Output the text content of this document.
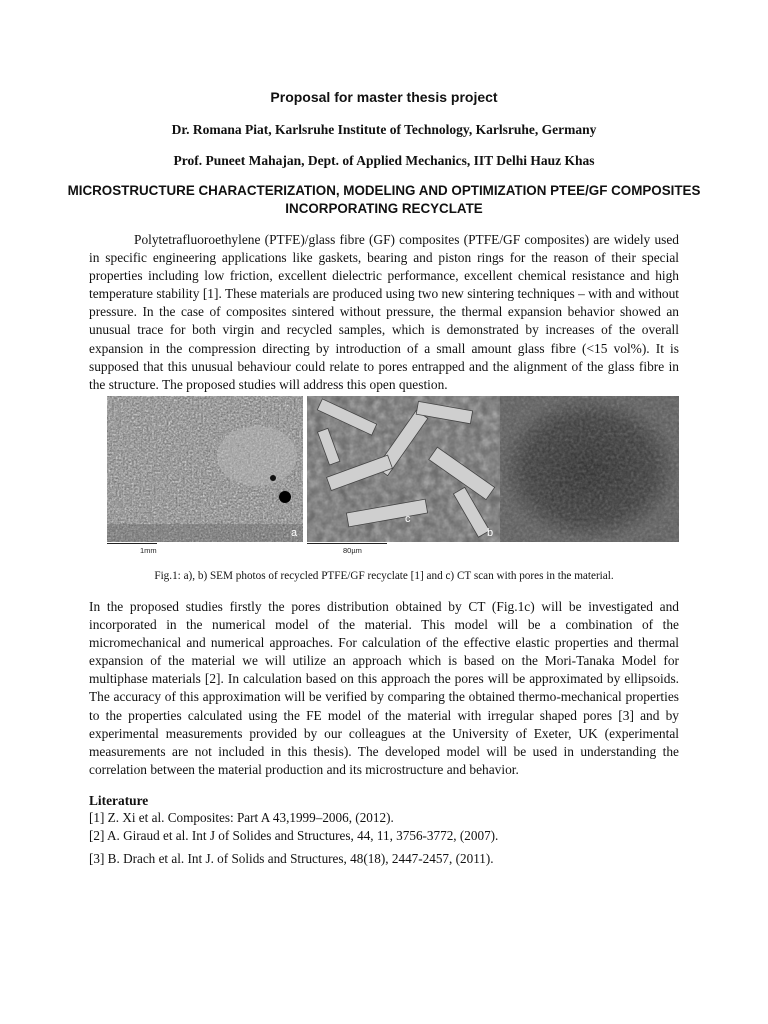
Proposal for master thesis project
Dr. Romana Piat, Karlsruhe Institute of Technology, Karlsruhe, Germany
Prof. Puneet Mahajan, Dept. of Applied Mechanics, IIT Delhi Hauz Khas
MICROSTRUCTURE CHARACTERIZATION, MODELING AND OPTIMIZATION PTEE/GF COMPOSITES INCORPORATING RECYCLATE

Polytetrafluoroethylene (PTFE)/glass fibre (GF) composites (PTFE/GF composites) are widely used in specific engineering applications like gaskets, bearing and piston rings for the reason of their special properties including low friction, excellent dielectric performance, excellent chemical resistance and high temperature stability [1]. These materials are produced using two new sintering techniques – with and without pressure. In the case of composites sintered without pressure, the thermal expansion behavior showed an unusual trace for both virgin and recycled samples, which is demonstrated by increases of the overall expansion in the compression directing by introduction of a small amount glass fibre (<15 vol%). It is supposed that this unusual behaviour could relate to pores entrapped and the alignment of the glass fibre in the structure. The proposed studies will address this open question.

a
1mm
c
b
80µm
Fig.1: a), b) SEM photos of recycled PTFE/GF recyclate [1] and c) CT scan with pores in the material.

In the proposed studies firstly the pores distribution obtained by CT (Fig.1c) will be investigated and incorporated in the numerical model of the material. This model will be a combination of the micromechanical and numerical approaches. For calculation of the effective elastic properties and thermal expansion of the material we will utilize an approach which is based on the Mori-Tanaka Model for multiphase materials [2]. In calculation based on this approach the pores will be approximated by ellipsoids. The accuracy of this approximation will be verified by comparing the obtained thermo-mechanical properties to the properties calculated using the FE model of the material with irregular shaped pores [3] and by experimental measurements provided by our colleagues at the University of Exeter, UK (experimental measurements are not included in this thesis). The developed model will be used in understanding the correlation between the material production and its microstructure and behavior.

Literature
[1] Z. Xi et al. Composites: Part A 43,1999–2006, (2012).
[2] A. Giraud et al. Int J of Solides and Structures, 44, 11, 3756-3772, (2007).
[3] B. Drach et al. Int J. of Solids and Structures, 48(18), 2447-2457, (2011).
